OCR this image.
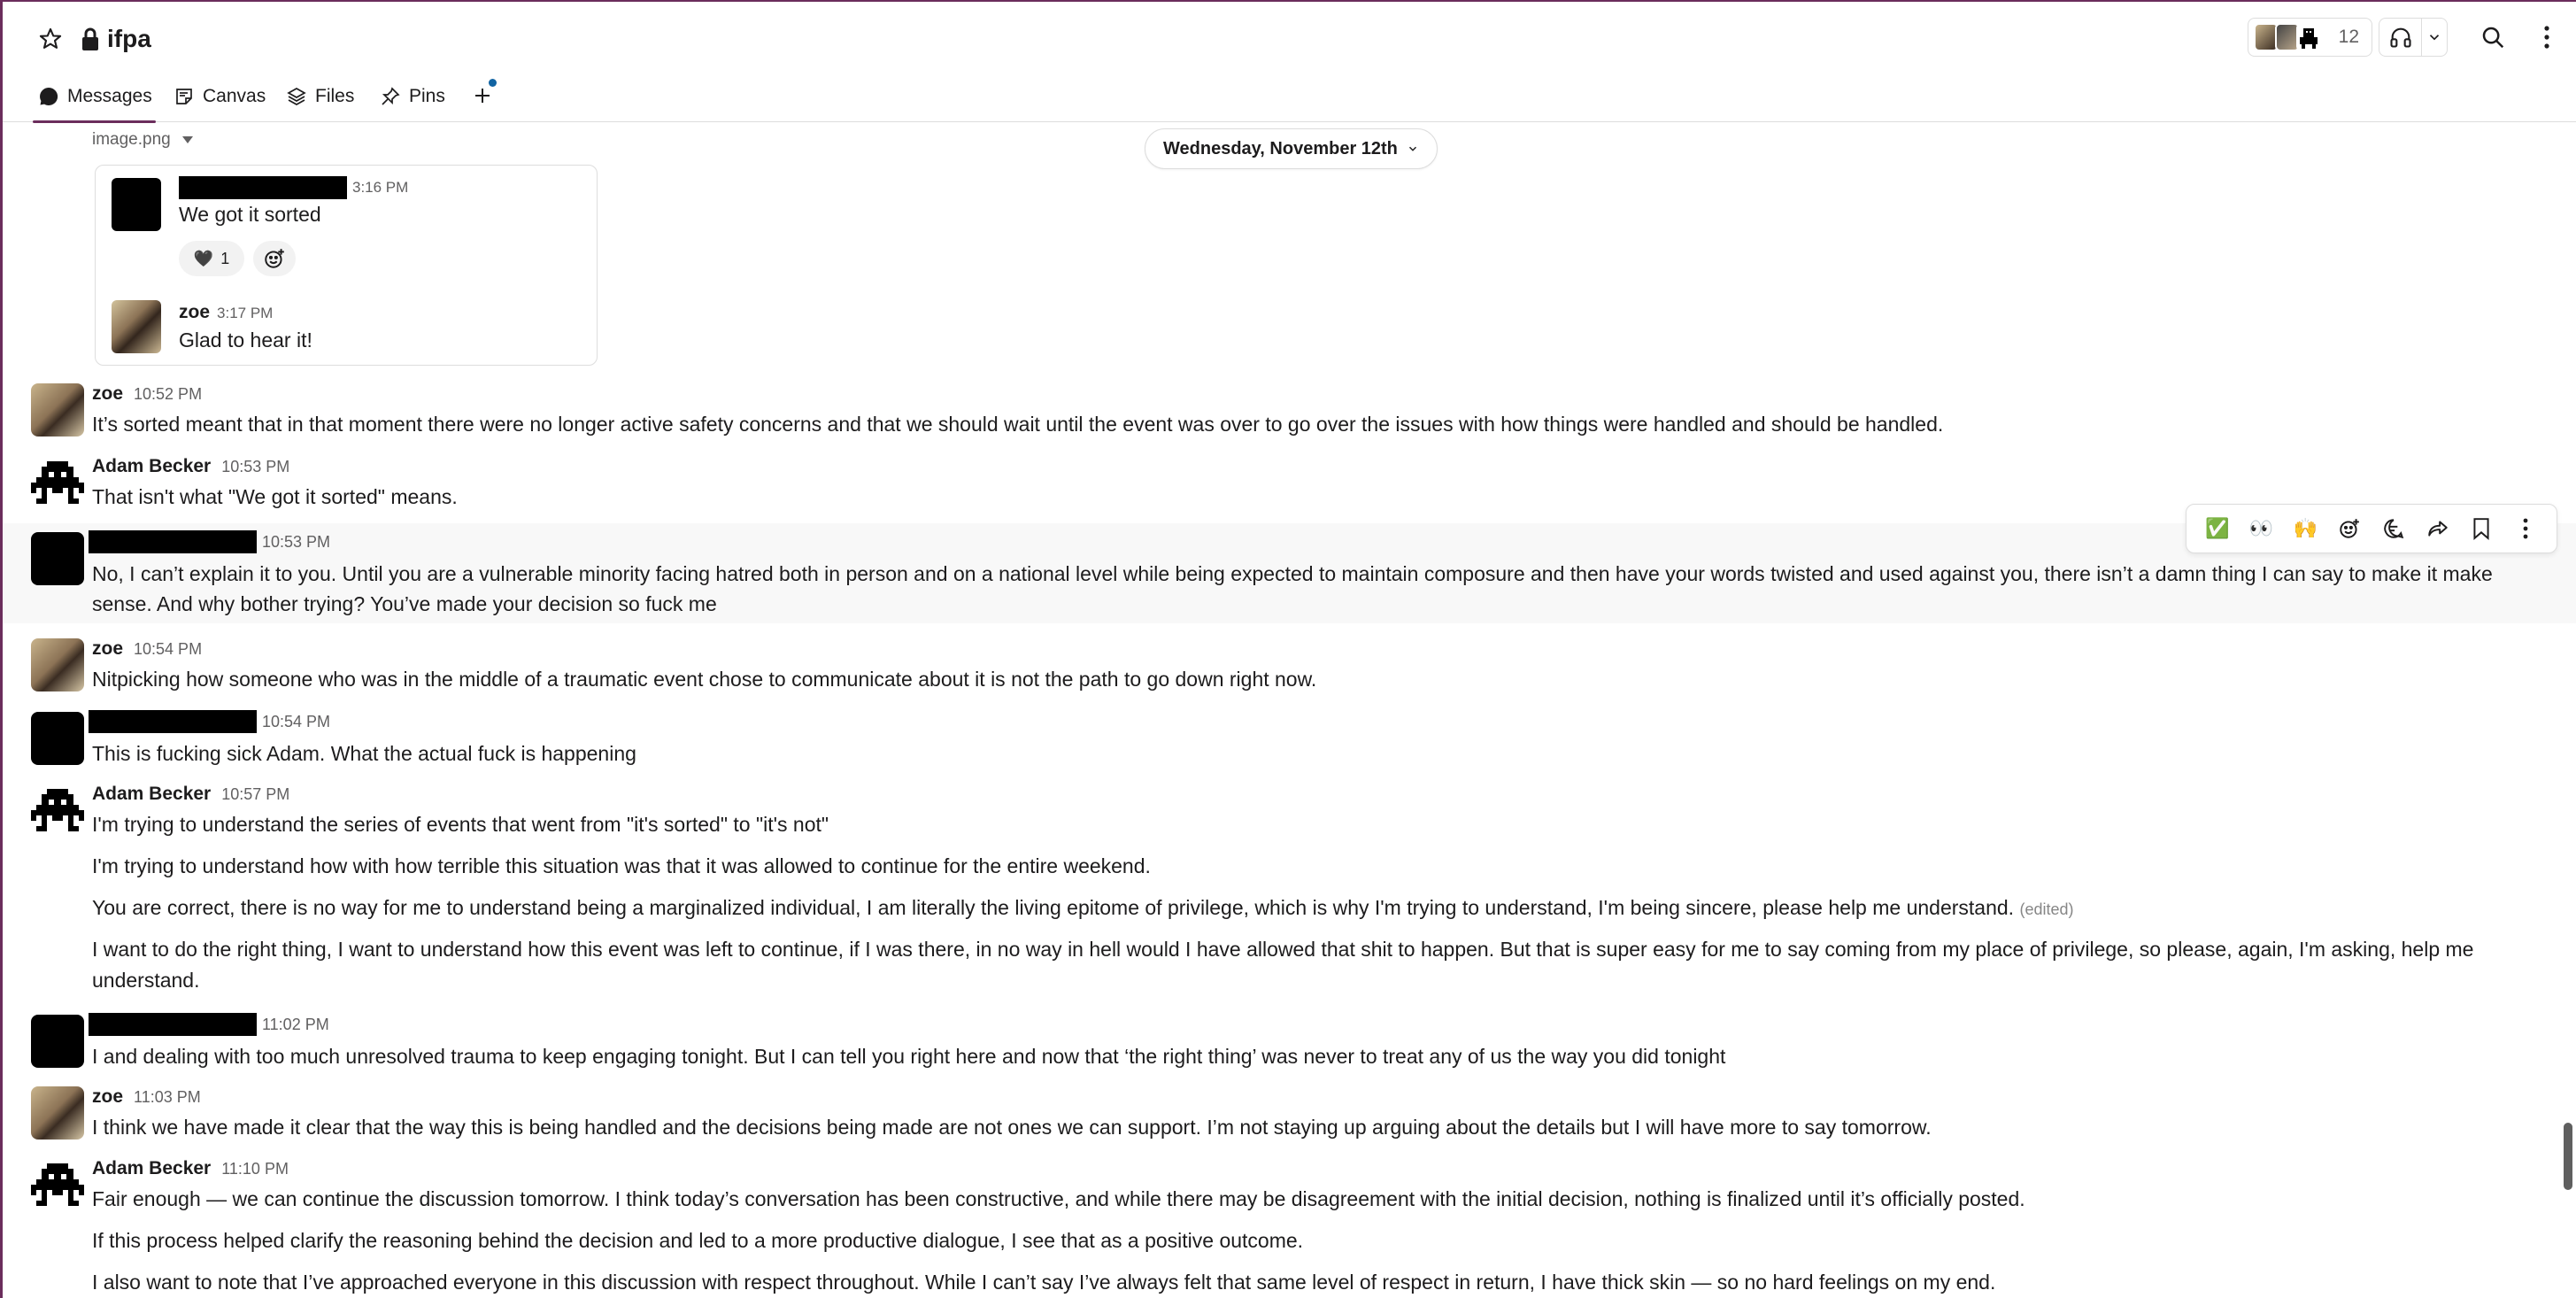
ifpa	12
Messages	Canvas	Files	Pins
Wednesday, November 12th
image.png
3:16 PM
We got it sorted
🖤 1
zoe 3:17 PM
Glad to hear it!
zoe 10:52 PM
It’s sorted meant that in that moment there were no longer active safety concerns and that we should wait until the event was over to go over the issues with how things were handled and should be handled.
Adam Becker 10:53 PM
That isn't what "We got it sorted" means.
10:53 PM
No, I can’t explain it to you. Until you are a vulnerable minority facing hatred both in person and on a national level while being expected to maintain composure and then have your words twisted and used against you, there isn’t a damn thing I can say to make it make
sense. And why bother trying? You’ve made your decision so fuck me
✅ 👀 🙌
zoe 10:54 PM
Nitpicking how someone who was in the middle of a traumatic event chose to communicate about it is not the path to go down right now.
10:54 PM
This is fucking sick Adam. What the actual fuck is happening
Adam Becker 10:57 PM
I'm trying to understand the series of events that went from "it's sorted" to "it's not"
I'm trying to understand how with how terrible this situation was that it was allowed to continue for the entire weekend.
You are correct, there is no way for me to understand being a marginalized individual, I am literally the living epitome of privilege, which is why I'm trying to understand, I'm being sincere, please help me understand. (edited)
I want to do the right thing, I want to understand how this event was left to continue, if I was there, in no way in hell would I have allowed that shit to happen. But that is super easy for me to say coming from my place of privilege, so please, again, I'm asking, help me
understand.
11:02 PM
I and dealing with too much unresolved trauma to keep engaging tonight. But I can tell you right here and now that ‘the right thing’ was never to treat any of us the way you did tonight
zoe 11:03 PM
I think we have made it clear that the way this is being handled and the decisions being made are not ones we can support. I’m not staying up arguing about the details but I will have more to say tomorrow.
Adam Becker 11:10 PM
Fair enough — we can continue the discussion tomorrow. I think today’s conversation has been constructive, and while there may be disagreement with the initial decision, nothing is finalized until it’s officially posted.
If this process helped clarify the reasoning behind the decision and led to a more productive dialogue, I see that as a positive outcome.
I also want to note that I’ve approached everyone in this discussion with respect throughout. While I can’t say I’ve always felt that same level of respect in return, I have thick skin — so no hard feelings on my end.
